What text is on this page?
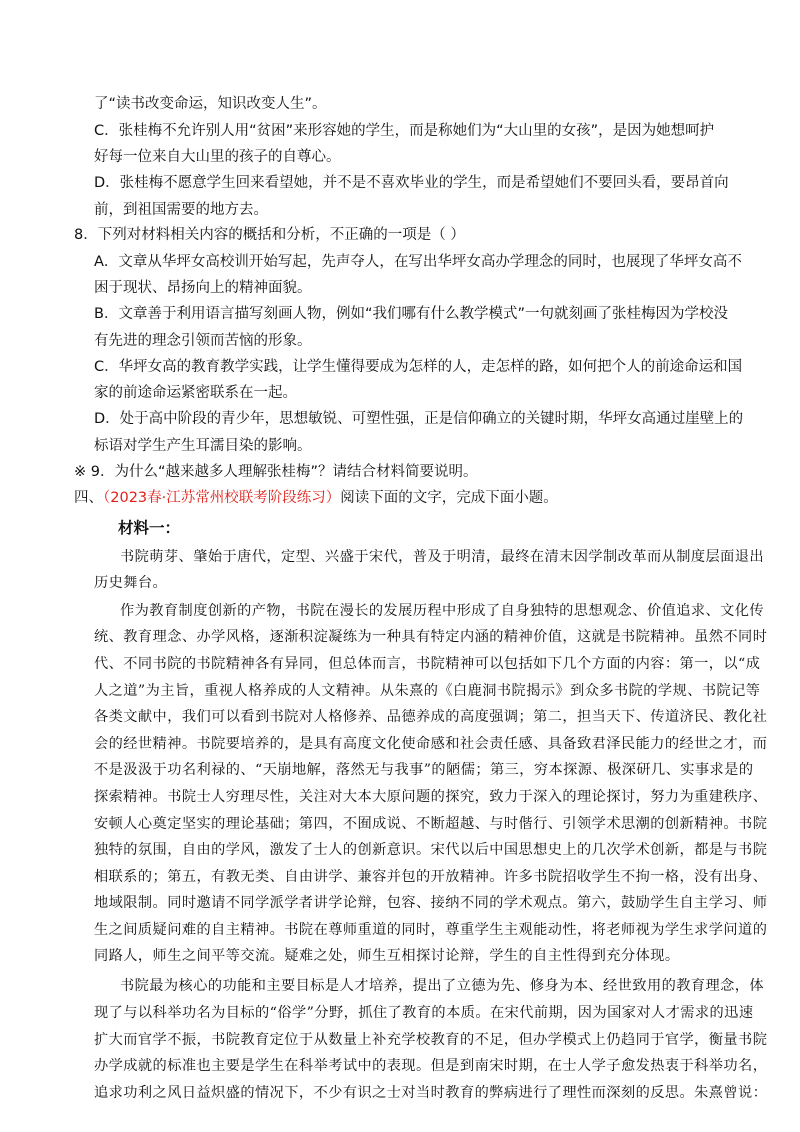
了“读书改变命运，知识改变人生”。
C．张桂梅不允许别人用“贫困”来形容她的学生，而是称她们为“大山里的女孩”，是因为她想呵护
好每一位来自大山里的孩子的自尊心。
D．张桂梅不愿意学生回来看望她，并不是不喜欢毕业的学生，而是希望她们不要回头看，要昂首向
前，到祖国需要的地方去。
8．下列对材料相关内容的概括和分析，不正确的一项是（ ）
A．文章从华坪女高校训开始写起，先声夺人，在写出华坪女高办学理念的同时，也展现了华坪女高不
困于现状、昂扬向上的精神面貌。
B．文章善于利用语言描写刻画人物，例如“我们哪有什么教学模式”一句就刻画了张桂梅因为学校没
有先进的理念引领而苦恼的形象。
C．华坪女高的教育教学实践，让学生懂得要成为怎样的人，走怎样的路，如何把个人的前途命运和国
家的前途命运紧密联系在一起。
D．处于高中阶段的青少年，思想敏锐、可塑性强，正是信仰确立的关键时期，华坪女高通过崖壁上的
标语对学生产生耳濡目染的影响。
※ 9．为什么“越来越多人理解张桂梅”？请结合材料简要说明。
四、（2023春·江苏常州校联考阶段练习）阅读下面的文字，完成下面小题。
材料一：
书院萌芽、肇始于唐代，定型、兴盛于宋代，普及于明清，最终在清末因学制改革而从制度层面退出
历史舞台。
作为教育制度创新的产物，书院在漫长的发展历程中形成了自身独特的思想观念、价值追求、文化传
统、教育理念、办学风格，逐渐积淀凝练为一种具有特定内涵的精神价值，这就是书院精神。虽然不同时
代、不同书院的书院精神各有异同，但总体而言，书院精神可以包括如下几个方面的内容：第一，以“成
人之道”为主旨，重视人格养成的人文精神。从朱熹的《白鹿洞书院揭示》到众多书院的学规、书院记等
各类文献中，我们可以看到书院对人格修养、品德养成的高度强调；第二，担当天下、传道济民、教化社
会的经世精神。书院要培养的，是具有高度文化使命感和社会责任感、具备致君泽民能力的经世之才，而
不是汲汲于功名利禄的、“天崩地解，落然无与我事”的陋儒；第三，穷本探源、极深研几、实事求是的
探索精神。书院士人穷理尽性，关注对大本大原问题的探究，致力于深入的理论探讨，努力为重建秩序、
安顿人心奠定坚实的理论基础；第四，不囿成说、不断超越、与时偕行、引领学术思潮的创新精神。书院
独特的氛围，自由的学风，激发了士人的创新意识。宋代以后中国思想史上的几次学术创新，都是与书院
相联系的；第五，有教无类、自由讲学、兼容并包的开放精神。许多书院招收学生不拘一格，没有出身、
地域限制。同时邀请不同学派学者讲学论辩，包容、接纳不同的学术观点。第六，鼓励学生自主学习、师
生之间质疑问难的自主精神。书院在尊师重道的同时，尊重学生主观能动性，将老师视为学生求学问道的
同路人，师生之间平等交流。疑难之处，师生互相探讨论辩，学生的自主性得到充分体现。
书院最为核心的功能和主要目标是人才培养，提出了立德为先、修身为本、经世致用的教育理念，体
现了与以科举功名为目标的“俗学”分野，抓住了教育的本质。在宋代前期，因为国家对人才需求的迅速
扩大而官学不振，书院教育定位于从数量上补充学校教育的不足，但办学模式上仍趋同于官学，衡量书院
办学成就的标准也主要是学生在科举考试中的表现。但是到南宋时期，在士人学子愈发热衷于科举功名，
追求功利之风日益炽盛的情况下，不少有识之士对当时教育的弊病进行了理性而深刻的反思。朱熹曾说：
